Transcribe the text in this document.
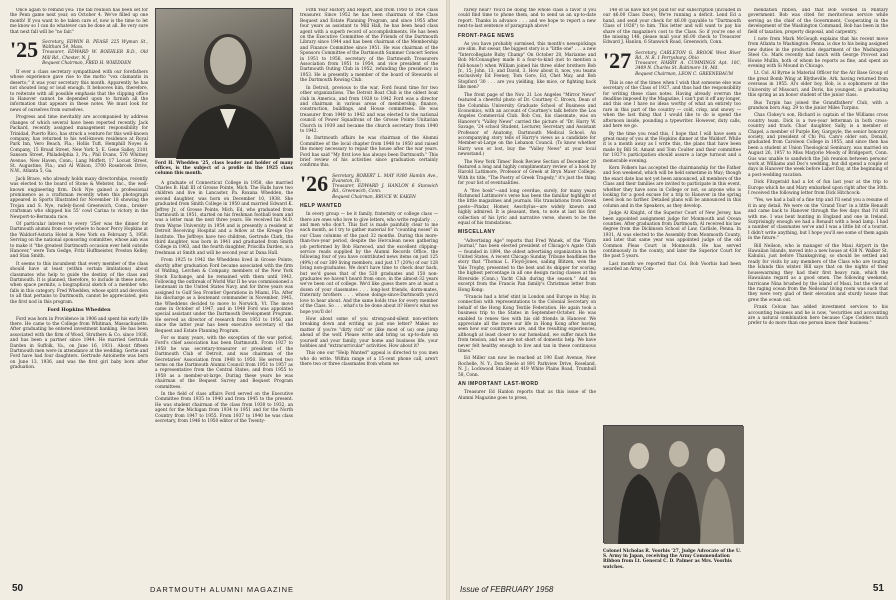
Once again to remind you: The fall reunion has been set for the Penn game next year, on October 4. We've filled up one month! If you want to be taken care of, now is the time to let me know so I can do whatever can be done at all. Be very sure that next fall will be "no fair."

'25 Secretary, EDWIN B. PEASE 225 Wyman St., Waltham 54, Mass.
Treasurer, EDWARD W. BOEHLER R.D., Old Mill Rd., Chester, N. J.
Bequest Chairman, FRED H. WHEDDEN

If ever a class secretary sympathized with our forefathers whose experience gave rise to the motto "vox clamantis in deserto," it was your secretary this month. Apparently he has not shouted long or loud enough. It behooves him, therefore, to reiterate with all possible emphasis that the clipping office in Hanover cannot be depended upon to furnish all the information that appears in these notes. We must look for news of ourselves from ourselves.

Progress and time inevitably are accompanied by address changes of which several have been reported recently. Jack Packard, recently assigned management responsibility for Trinidad, Puerto Rico, has struck a venture for this well-known company, has returned to his well-known residence at Royal Park Inn, Vero Beach, Fla.; Hollis Tuft, Hemphill Noyes & Company, 15 Broad Street, New York 5; E. Gene Salley, 2101 Sansom Street, Philadelphia 3, Pa.; Phil Evans, 576 Whitney Avenue, New Haven, Conn.; Lang Moffett, 17 Locust Street, St. Augustine, Fla.; and Al Wilson, 3700 Rosebrook Drive, N.W., Atlanta 5, Ga.

Jack Brace, who already holds many directorships, recently was elected to the board of Stone & Webster, Inc., the well-known engineering firm. Dick Nye gained a professional prominence as a craftsman recently when this photograph appeared in Sports Illustrated for November 18 showing the Trojan and S. Nye, rudely-faced Greenwich, Conn., broker-craftsman who shipped his 55' cowl Carina to victory in the Newport-to-Bermuda race.

Of particular interest to every '25er was the dinner for Dartmouth alumni from everywhere to honor Percy Hopkins at the Waldorf-Astoria Hotel in New York on February 5, 1958. Serving on the national sponsoring committee, whose aim was to make it "the greatest Dartmouth occasion ever held outside Hanover," were Tom Gedge, Fritz Huffmeister, Preston Kelley, and Stan Smith.

It seems to this incumbent that every member of the class should have at least (within certain limitations) about classmates who help to guide the destiny of the class and Dartmouth. It is planned, therefore, to include in these notes, when space permits, a biographical sketch of a member who falls in this category. Fred Whedden, whose spirit and devotion to all that pertains to Dartmouth, cannot be appreciated, gets the first nod in this program.

Ford Hopkins Whedden

Ford was born in Providence in 1906 and spent his early life there. He came to the College from Whitman, Massachusetts. After graduating he entered investment banking. He has been associated with the firm of Wood, Struthers & Co. since 1936, and has been a partner since 1944. He married Gertrude Darden in Suffolk, Va., on June 16, 1931. About fifteen Dartmouth men were in attendance at the wedding. Gertie and Ford have had four daughters. Gertrude Antoinette was born on June 13, 1936, and was the first girl baby born after graduation.

Ford H. Whedden '25, class leader and holder of many offices, is the subject of a profile in the 1925 class column this month.

A graduate of Connecticut College in 1958, she married Charles B. Hall III of Grosse Pointe, Mich. The Halls have two children and live in Lancaster, Pa. Roxana Whedden, the second daughter, was born on December 10, 1938. She graduated from Smith College in 1950 and married Edward K. Jeffrey Jr., of Grosse Pointe, Mich. Ed, who graduated from Dartmouth in 1951, started on his freshman football team and was a letter man the next three years. He received his M.D. from Wayne University in 1954 and is presently a resident at Detroit Receiving Hospital and a fellow at the Kresge Eye Institute. The Jeffreys have two children, Gertrude Clark, the third daughter, was born in 1941 and graduated from Smith College in 1963, and the fourth daughter, Priscilla Darden, is a freshman at Smith and will be second year at Dana Hall.

From 1925 to 1942 the Wheddens lived in Grosse Pointe, shortly after graduation Ford became associated with the firm of Watling, Lerchen & Company, members of the New York Stock Exchange, and he remained with them until 1942. Following the outbreak of World War II he was commissioned a lieutenant in the United States Navy, and for three years was assigned to Gulf Sea Frontier Operations in Miami, Fla. After his discharge as a lieutenant commander in November, 1945, the Wheddens decided to move to Norwich, Vt. The move came in October of 1947, and in 1948 Ford was appointed special assistant under the Dartmouth Development Program. He served as director of research from 1951 to 1956, and since the latter year has been executive secretary of the Bequest and Estate Planning Program.

For so many years, with the exception of the war period, Ford's chief association has been Dartmouth. From 1927 to 1958 he was secretary-treasurer or president of the Dartmouth Club of Detroit, and was chairman of the Secretaries' Association from 1948 to 1950. He served two terms on the Dartmouth Alumni Council from 1951 to 1957 as a representative from the Central States, and from 1955 to 1958 as a member-at-large. During these years he was chairman of the Bequest Survey and Bequest Program committees.

In the field of class affairs Ford served on the Executive Committee from 1935 to 1940 and from 1945 to the present. He was student chairman of the class from 1930 to 1932, an agent for the Michigan from 1934 to 1951 and for the North Country from 1947 to 1955. From 1937 to 1940 he was class secretary, from 1946 to 1950 editor of the Twenty-

Fifth Year History and Report, and from 1950 to 1954 class treasurer. Since 1952 he has been chairman of the Class Bequest and Estate Planning Program, and since 1955 after four years as assistant to Mill Hall, he has been head class agent with a superb record of accomplishments. He has been on the Executive Committee of the Friends of the Dartmouth Library since 1944 and has been chairman of the Membership and Finance Committee since 1951. He was chairman of the Sponsors Committee of the Dartmouth Summer Concert Series in 1951 to 1956, secretary of the Dartmouth Treasurers Association from 1951 to 1954, and vice president of the Dartmouth Outing Club in 1952, refunding the presidency in 1953. He is presently a member of the board of Stewards of the Dartmouth Rowing Club.

In Detroit, previous to the war, Ford found time for two other organizations. The Detroit Boat Club is the oldest boat club in America, and from 1928 to 1942 Ford was a director and chairman in various areas of membership, finance, construction, buildings, and House committees. He was treasurer from 1940 to 1942 and was elected to the national council of Power Squadrons of the Grosse Pointe Unitarian Church in 1939 and became the church secretary from 1940 to 1942.

In Dartmouth affairs he was chairman of the Alumni Committee of the local chapter from 1948 to 1950 and raised the money necessary to repair the house after the war years. Ford has said "My first love has always been Dartmouth." This brief review of his activities since graduation certainly confirms this.

'26 Secretary, ROBERT L. MAY 9300 Hamlin Ave., Evanston, Ill.
Treasurer, EDWARD J. HANLON 6 Stanwich Rd., Greenwich, Conn.
Bequest Chairman, BRUCE W. EAKEN
HELP WANTED

In every group — be it family, fraternity or college class — there are ones who love to give letters, who write regularly . . . and men who don't. This fact is made painfully clear to me each month, as I try to gather material for "counting noses" in our Class columns of the past 32 months. During this more-than-two-year period, despite the Herculean news gathering job performed by Bob Harwood, and the excellent clipping-service reads supplied by the Alumni Records Office, the following four of you have contributed news items on just 125 (49%) of our 389 living members, and just 17 (20%) of our 128 living non-graduates. We don't have time to check dear back, but we'd guess that of the 520 graduates and 150 non-graduates we haven't heard from once, in the almost-32 years we've been out of college. We'd like guess there are at least a dozen of your classmates . . . long-lost friends, dorm-mates, fraternity brothers . . . whose doings-since-Dartmouth you'd love to hear about. And the same holds true for every member of the Class. So . . . what's to be done about it? Here's what we hope you'll do!

How about some of you strong-and-silent non-writers breaking down and writing us just one letter? Makes no matter if you're "dirty rich" or (like most of us) one jump ahead of the wolf. Please write and bring us up-to-date on yourself and your family, your home and business life, your hobbies and "extracurricular" activities. How about it?

This one our "Help Wanted" appeal is directed to you men who do write. Within range of a 15-cent phone call, aren't there two or three classmates from whom we

50	DARTMOUTH ALUMNI MAGAZINE

rarely hear? You'd be doing the whole class a favor if you could find time to phone them, and to send us an up-to-date report. Thanks in advance . . . and we hope to report a new next-to-last sentence of paragraph above!

FRONT-PAGE NEWS

As you have probably surmised, this month's newspickings are slim. But swear, the biggest story is a "little one" . . . a new "Intercollegiate Ruby Champ" On October 28, Marianne and Bob McConaughey made it a four-to-kind (not to mention a full-house!) when William joined his three older brothers Bob Jr., 15; John, 13; and David, 3. How about it, now, you teams exclusively Ed Feeney, Tom Gore, Ed, Chet May, and Bob Stopford '30 . . . are you yielding, like mice, or fighting back like men?

The front page of the Nov. 21 Los Angeles "Mirror News" featured a cheerful photo of Dr. Courtney C. Brown, Dean of the Columbia University Graduate School of Business and Economics, with an account of Courtney's talk before the Los Angeles Commercial Club. Bob Cox, his classmate, was on Hanover's "Valley News" carried the picture of "Dr. Harry W. Savage, '24 school Student, Lecturer, Secretary and Assistant Professor of Anatomy, Dartmouth Medical School. An accompanying story tells of Harry's views as a candidate for Member-at-Large on the Lebanon Council. (To know whether Harry won or lost, buy the "Valley News" at your local newsstand.)

The New York Times' Book Review Section of December 29 featured a long and highly complimentary review of a book by Harold Lattimore, Professor of Greek at Bryn Mawr College. With its title, "The Poetry of Greek Tragedy," it's just the thing for your list of eventualities.

A "five book"—and long overdue, surely, for many years Richmond Lattimore's verse has been the familiar highlight of the little magazines and journals. His translations from Greek poets—Pindar, Homer, Aeschylus—are widely known and highly admired. It is pleasant, then, to note at last his first collection of his lyric and narrative verse, shown to be the equal of his translations.

MISCELLANY

"Advertising Age" reports that Fred Wanek, of the "Farm Journal," has been elected president of Chicago's Agate Club — founded in 1894, the oldest advertising organization in the United States. A recent Chicago Sunday Tribune headlines the story that "Thomas L. Floyd-Jones, sailing Blitzen, won the Yale Trophy, presented to the best and its skipper for scoring the highest percentage in all one design racing classes at the Riverside (Conn.) Yacht Club during the season." And on excerpt from the Francis Pan family's Christmas letter from Hong Kong:

"Francis had a brief stint in London and Europe in May, in connection with representations to the Colonial Secretary on behalf of the Hong Kong Textile Federation. He again took a business trip to the States in September-October. He was enabled to renew ties with his old friends in Hanover. We appreciate all the more our life in Hong Kong after having seen how our countrymen are, and the resulting experiences, although at least closer to our homeland, we suffer much the from tension, and we are not short of domestic help. We have never felt healthy enough to live and tan in these continuous times."

Ed Miller can now be reached at 190 East Avenue, New Rochelle, N. Y.; Don Steele at 891 Parkview Drive, Roseland, N. J.; Lockwood Stanley at 419 White Plains Road, Trumbull 58, Conn.

AN IMPORTANT LAST-WORD

Treasurer Ed Hanlon reports that as this issue of the Alumni Magazine goes to press,

148 of us have not yet paid for our subscription (included in our $6.00 Class Dues), We're running a deficit. Lend Ed a hand, and send your check for $6.00 (payable to "Dartmouth Class of 1926") to him. This letter and will want to pay his share of the magazine's cost to the Class. So if you're one of the missing 148, please mail your $6.00 check to Treasurer Edward J. Hanlon, 6 Stanwich Road, Greenwich, Conn.

'27 Secretary, CARLETON G. BROOK West River Rd., N. R. 1 Perrysburg, Ohio
Treasurer, HARRY A. CUMMINGS Apt. 10C, 3409 N. Charles St. Baltimore 18, Md.
Bequest Chairman, LEON C. GREENEBAUM

This is one of the times when I wish that someone else was secretary of the Class of 1927, and thus had the responsibility for writing these class notes. Having already overrun the deadline imposed by the Magazine, I can't put it off any longer, and this one I have no ideas worthy of what an entirely too rare in this part of the country — cold, crisp, and snowy — when the last thing that I would like to do is spend the afternoon inside, pounding a typewriter. However, duty calls, and here we go.

By the time you read this, I hope that I will have seen a great many of you at the Hopkins dinner at the Waldorf. While it is a month away as I write this, the plans that have been made by Bill St. Amant and Tom Coulter and their committee for 1927's participation should assure a large turnout and a memorable evening.

Kern Folkers has accepted the chairmanship for the Father and Son weekend, which will be held sometime in May; though the exact date has not yet been announced, all members of the Class and their families are invited to participate in this event, whether they have sons in College or not, so anyone who is looking for a good excuse for a trip to Hanover in the spring need look no farther. Detailed plans will be announced in this column and in the Speakers, as they develop.

Judge Al Knight, of the Superior Court of New Jersey, has been appointed assignment judge for Monmouth and Ocean counties. After graduation from Dartmouth, Al received his law degree from the Dickinson School of Law, Carlisle, Penna. In 1931, Al was elected to the Assembly from Monmouth County, and later that same year was appointed judge of the old Common Pleas Court in Monmouth. He has served continuously in the county, and later the Superior Court for the past 5 years.

Last month we reported that Col. Bob Voorhis had been awarded an Army Com-

Colonel Nicholas R. Voorhis '27, Judge Advocate of the U. S. Army in Japan, receiving the Army Commendation Ribbon from Lt. General C. D. Palmer as Mrs. Voorhis watches.

mendation ribbon, and that Bob worked in Military government. Bob was cited for meritorious service while serving as the chief of the Government, Cooperating in the development of the Washington Command, Bob has been in the field of taxation, property disposal, and carpentry.

I note from Mark McGough explains that his recent move from Atlanta to Washington. Penna. is due to his being assigned new duties in the production department of the Washington Steel Co. Mark recently had lunch with George Provost and Howie Mullin, both of whom he reports as fine, and spent an evening with Si Mound in Chicago.

Lt. Col. Al Byrne is Material Officer for the Air Base Group of the great Bomb Wing at Blytheville, Ark. having returned from overseas in 1955. Al's older boy, Bob, is a sophomore at the University of Missouri, and Doris, his youngest, is graduating this spring as an honor student of the junior class.

Bus Turpin has joined the Grandfathers' Club, with a grandson born Aug. 29 to the junior Miles Turpins.

Chas Clokey's son, Richard is captain of the Williams cross country team. Dick is a two-year letterman in both cross-country and track. Chas' daughter, Sally, is a member of Chapel, a member of Purple Key, Gargoyle, the senior honorary society, and president of Chi Psi. Cam's older son, Donald, graduated from Caroleon College in 1955, and since then has been a student at Union Theological Seminary, was married on August 26, 1957 to Miss Marjorie Moody of Bridgeport, Conn. Gus was unable to sandwich the Job reunion between persons' work at Williams and Doc's wedding, but did spend a couple of days in Hanover the week before Labor Day, at the beginning of a post-wedding vacation.

Dick Fitzgerald had a lot of fun last year at the trip to Europe which he and Mary embarked upon right after the 30th. I received the following letter from Dick Hitchcock:

"Yes, we had a ball of a fine trip and I'll send you a resume of it in any detail. We were on the 'Grand Tour' in a little Renault and came back to Hanover through the few days that I'd still with me. I was bent hunting in England and one in Ireland. Surprisingly enough we had a Renault with a head lamp. I had a number of classmates we've and I was a little bit of a tourist. I didn't write anything, but I hope you'll see some of them again in the future."

Bill Neilson, who is manager of the Maui Airport in the Hawaiian Islands, moved into a new house at 438 N. Walker St. Kahului, just before Thanksgiving, so should be settled and ready for visits by any members of the Class who are touring the Islands this winter. Bill says that on the nights of their housewarming they had their first heavy rain, which the Hawaiians regard as a good omen. The following weekend, hurricane Nina brushed by the island of Maui, but the view of the raging ocean from the Neilsons' living room was such that they were very glad of their elevation and sturdy house that grew the ocean out.

Frank Celcan has added investment services to his accounting business and he is now, "securities and accounting are a natural combination here because Cape Codders much prefer to do more than one person know their business."

Issue of FEBRUARY 1958	51
